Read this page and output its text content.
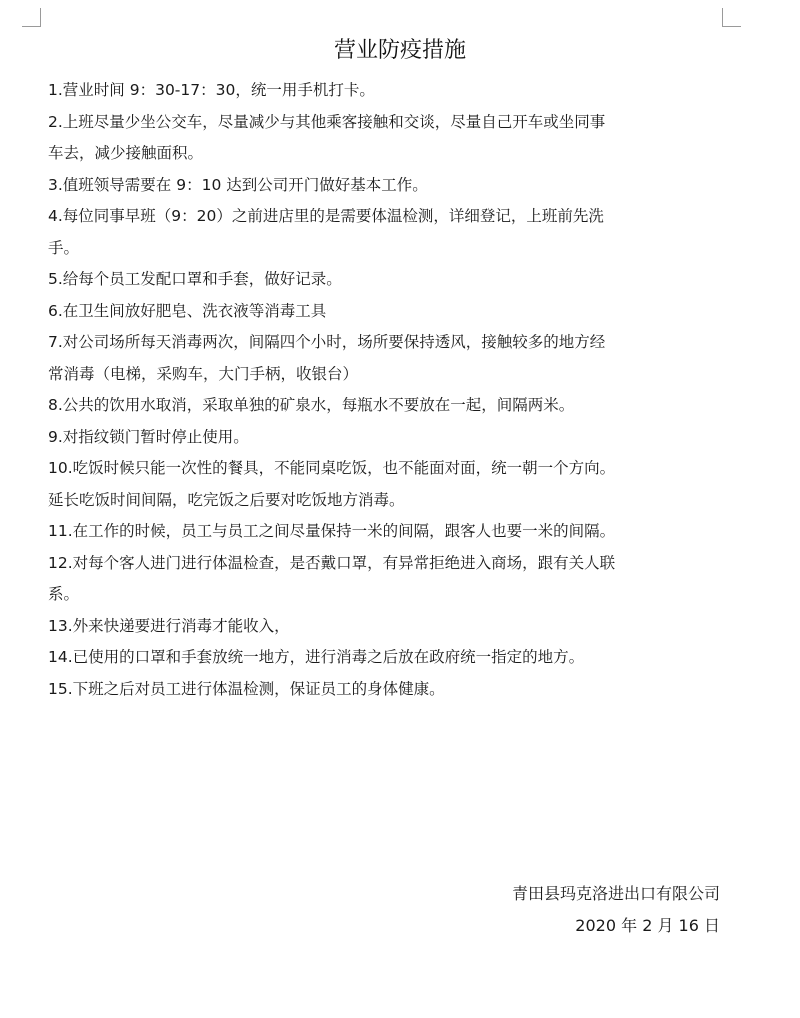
营业防疫措施
1.营业时间 9：30-17：30，统一用手机打卡。
2.上班尽量少坐公交车，尽量减少与其他乘客接触和交谈，尽量自己开车或坐同事
车去，减少接触面积。
3.值班领导需要在 9：10 达到公司开门做好基本工作。
4.每位同事早班（9：20）之前进店里的是需要体温检测，详细登记，上班前先洗
手。
5.给每个员工发配口罩和手套，做好记录。
6.在卫生间放好肥皂、洗衣液等消毒工具
7.对公司场所每天消毒两次，间隔四个小时，场所要保持透风，接触较多的地方经
常消毒（电梯，采购车，大门手柄，收银台）
8.公共的饮用水取消，采取单独的矿泉水，每瓶水不要放在一起，间隔两米。
9.对指纹锁门暂时停止使用。
10.吃饭时候只能一次性的餐具，不能同桌吃饭，也不能面对面，统一朝一个方向。
延长吃饭时间间隔，吃完饭之后要对吃饭地方消毒。
11.在工作的时候，员工与员工之间尽量保持一米的间隔，跟客人也要一米的间隔。
12.对每个客人进门进行体温检查，是否戴口罩，有异常拒绝进入商场，跟有关人联
系。
13.外来快递要进行消毒才能收入，
14.已使用的口罩和手套放统一地方，进行消毒之后放在政府统一指定的地方。
15.下班之后对员工进行体温检测，保证员工的身体健康。
青田县玛克洛进出口有限公司
2020 年 2 月 16 日
